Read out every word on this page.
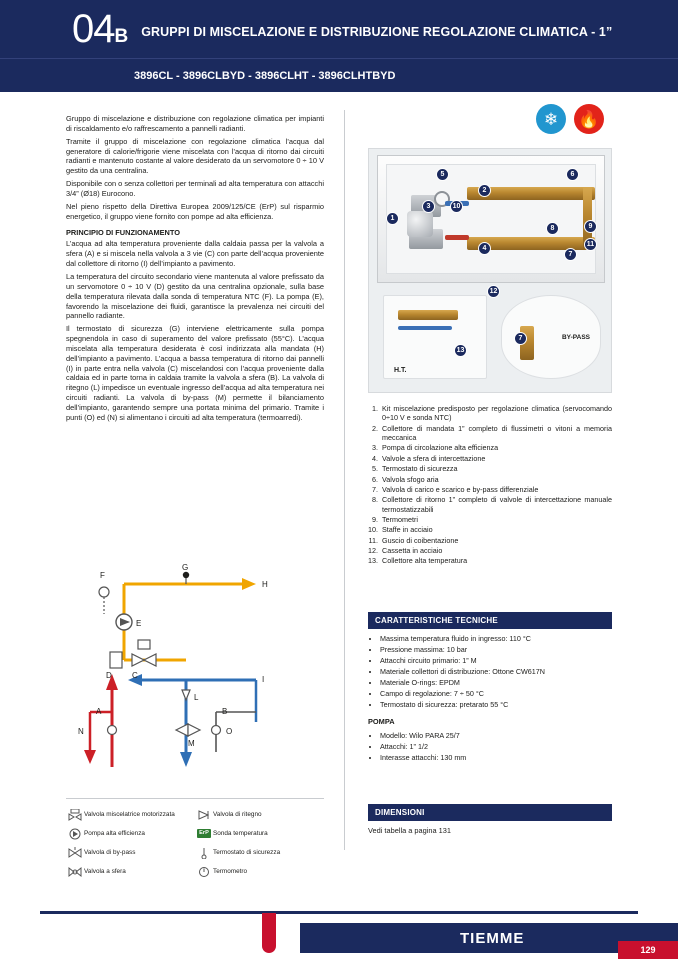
04B GRUPPI DI MISCELAZIONE E DISTRIBUZIONE REGOLAZIONE CLIMATICA - 1”
3896CL - 3896CLBYD - 3896CLHT - 3896CLHTBYD

Gruppo di miscelazione e distribuzione con regolazione climatica per impianti di riscaldamento e/o raffrescamento a pannelli radianti.

Tramite il gruppo di miscelazione con regolazione climatica l’acqua dal generatore di calorie/frigorie viene miscelata con l’acqua di ritorno dai circuiti radianti e mantenuto costante al valore desiderato da un servomotore 0 ÷ 10 V gestito da una centralina.

Disponibile con o senza collettori per terminali ad alta temperatura con attacchi 3/4” (Ø18) Eurocono.

Nel pieno rispetto della Direttiva Europea 2009/125/CE (ErP) sul risparmio energetico, il gruppo viene fornito con pompe ad alta efficienza.

PRINCIPIO DI FUNZIONAMENTO

L’acqua ad alta temperatura proveniente dalla caldaia passa per la valvola a sfera (A) e si miscela nella valvola a 3 vie (C) con parte dell’acqua proveniente dal collettore di ritorno (I) dell’impianto a pavimento.

La temperatura del circuito secondario viene mantenuta al valore prefissato da un servomotore 0 ÷ 10 V (D) gestito da una centralina opzionale, sulla base della temperatura rilevata dalla sonda di temperatura NTC (F). La pompa (E), favorendo la miscelazione dei fluidi, garantisce la prevalenza nei circuiti del pannello radiante.

Il termostato di sicurezza (G) interviene elettricamente sulla pompa spegnendola in caso di superamento del valore prefissato (55°C). L’acqua miscelata alla temperatura desiderata è così indirizzata alla mandata (H) dell’impianto a pavimento. L’acqua a bassa temperatura di ritorno dai pannelli (I) in parte entra nella valvola (C) miscelandosi con l’acqua proveniente dalla caldaia ed in parte torna in caldaia tramite la valvola a sfera (B). La valvola di ritegno (L) impedisce un eventuale ingresso dell’acqua ad alta temperatura nei circuiti radianti. La valvola di by-pass (M) permette il bilanciamento dell’impianto, garantendo sempre una portata minima del primario. Tramite i punti (O) ed (N) si alimentano i circuiti ad alta temperatura (termoarredi).

F
G
H
E
D	C	I
L
A	B
M
N	O
Valvola miscelatrice motorizzata	Valvola di ritegno
Pompa alta efficienza	ErP Sonda temperatura
Valvola di by-pass	Termostato di sicurezza
Valvola a sfera	Termometro
❄	🔥
1
2
3
4
5	6
7
8	9
10
11
12
H.T.
13
BY-PASS
7
1. Kit miscelazione predisposto per regolazione climatica (servocomando 0÷10 V e sonda NTC)
2. Collettore di mandata 1” completo di flussimetri o vitoni a memoria meccanica
3. Pompa di circolazione alta efficienza
4. Valvole a sfera di intercettazione
5. Termostato di sicurezza
6. Valvola sfogo aria
7. Valvola di carico e scarico e by-pass differenziale
8. Collettore di ritorno 1” completo di valvole di intercettazione manuale termostatizzabili
9. Termometri
10. Staffe in acciaio
11. Guscio di coibentazione
12. Cassetta in acciaio
13. Collettore alta temperatura
CARATTERISTICHE TECNICHE
• Massima temperatura fluido in ingresso: 110 °C
• Pressione massima: 10 bar
• Attacchi circuito primario: 1” M
• Materiale collettori di distribuzione: Ottone CW617N
• Materiale O-rings: EPDM
• Campo di regolazione: 7 ÷ 50 °C
• Termostato di sicurezza: pretarato 55 °C
POMPA
• Modello: Wilo PARA 25/7
• Attacchi: 1” 1/2
• Interasse attacchi: 130 mm
DIMENSIONI
Vedi tabella a pagina 131
TIEMME
129
